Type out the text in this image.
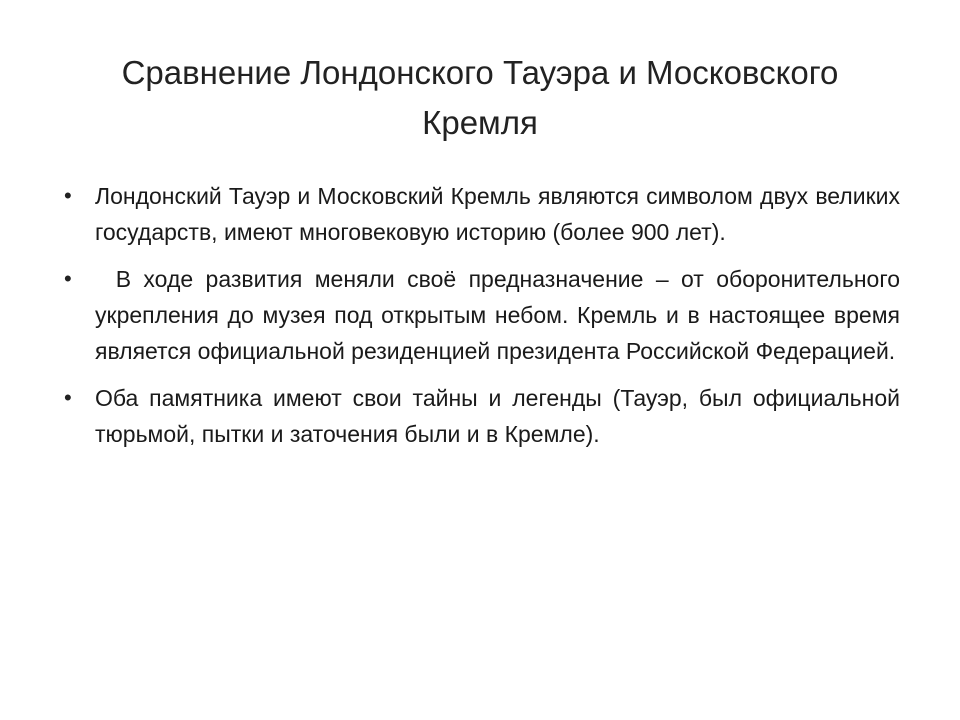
Сравнение Лондонского Тауэра и Московского Кремля
• Лондонский Тауэр и Московский Кремль являются символом двух великих государств, имеют многовековую историю (более 900 лет).
•	В ходе развития меняли своё предназначение – от оборонительного укрепления до музея под открытым небом. Кремль и в настоящее время является официальной резиденцией президента Российской Федерацией.
• Оба памятника имеют свои тайны и легенды (Тауэр, был официальной тюрьмой, пытки и заточения были и в Кремле).
